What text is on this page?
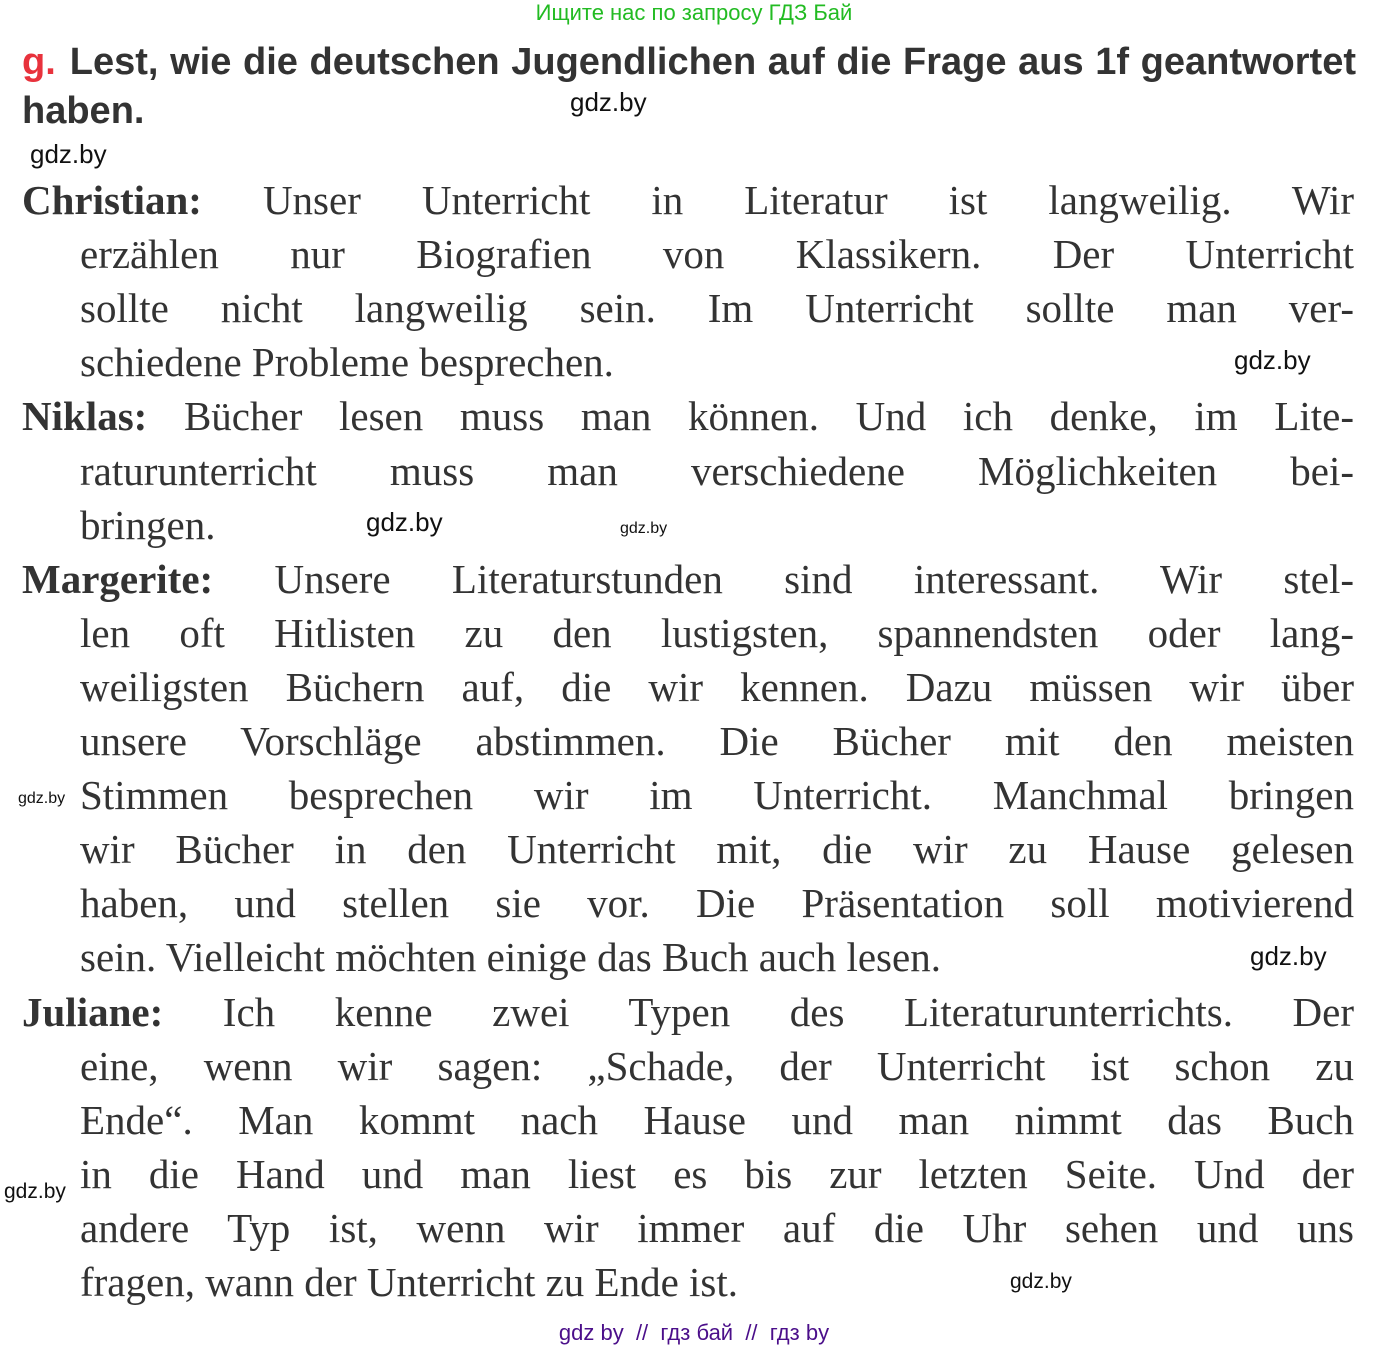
Ищите нас по запросу ГДЗ Бай
g. Lest, wie die deutschen Jugendlichen auf die Frage aus 1f geantwortet haben.
Christian: Unser Unterricht in Literatur ist langweilig. Wir
erzählen nur Biografien von Klassikern. Der Unterricht
sollte nicht langweilig sein. Im Unterricht sollte man ver-
schiedene Probleme besprechen.
Niklas: Bücher lesen muss man können. Und ich denke, im Lite-
raturunterricht muss man verschiedene Möglichkeiten bei-
bringen.
Margerite: Unsere Literaturstunden sind interessant. Wir stel-
len oft Hitlisten zu den lustigsten, spannendsten oder lang-
weiligsten Büchern auf, die wir kennen. Dazu müssen wir über
unsere Vorschläge abstimmen. Die Bücher mit den meisten
Stimmen besprechen wir im Unterricht. Manchmal bringen
wir Bücher in den Unterricht mit, die wir zu Hause gelesen
haben, und stellen sie vor. Die Präsentation soll motivierend
sein. Vielleicht möchten einige das Buch auch lesen.
Juliane: Ich kenne zwei Typen des Literaturunterrichts. Der
eine, wenn wir sagen: „Schade, der Unterricht ist schon zu
Ende“. Man kommt nach Hause und man nimmt das Buch
in die Hand und man liest es bis zur letzten Seite. Und der
andere Typ ist, wenn wir immer auf die Uhr sehen und uns
fragen, wann der Unterricht zu Ende ist.
gdz.by
gdz.by
gdz.by
gdz.by	gdz.by
gdz.by
gdz.by
gdz.by
gdz.by
gdz by  //  гдз бай  //  гдз by
